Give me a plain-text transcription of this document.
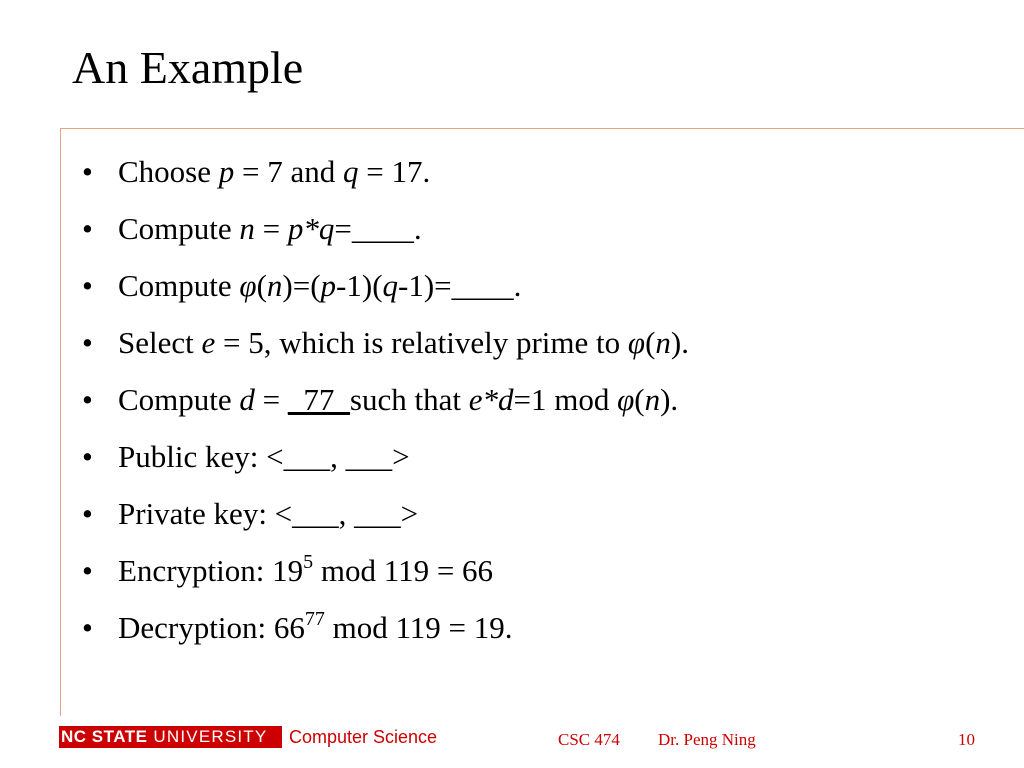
An Example
• Choose p = 7 and q = 17.
• Compute n = p*q=____.
• Compute φ(n)=(p-1)(q-1)=____.
• Select e = 5, which is relatively prime to φ(n).
• Compute d = _77_such that e*d=1 mod φ(n).
• Public key: <___, ___>
• Private key: <___, ___>
• Encryption: $19^5$ mod 119 = 66
• Decryption: $66^{77}$ mod 119 = 19.
NC STATE UNIVERSITY	Computer Science	CSC 474 Dr. Peng Ning	10
